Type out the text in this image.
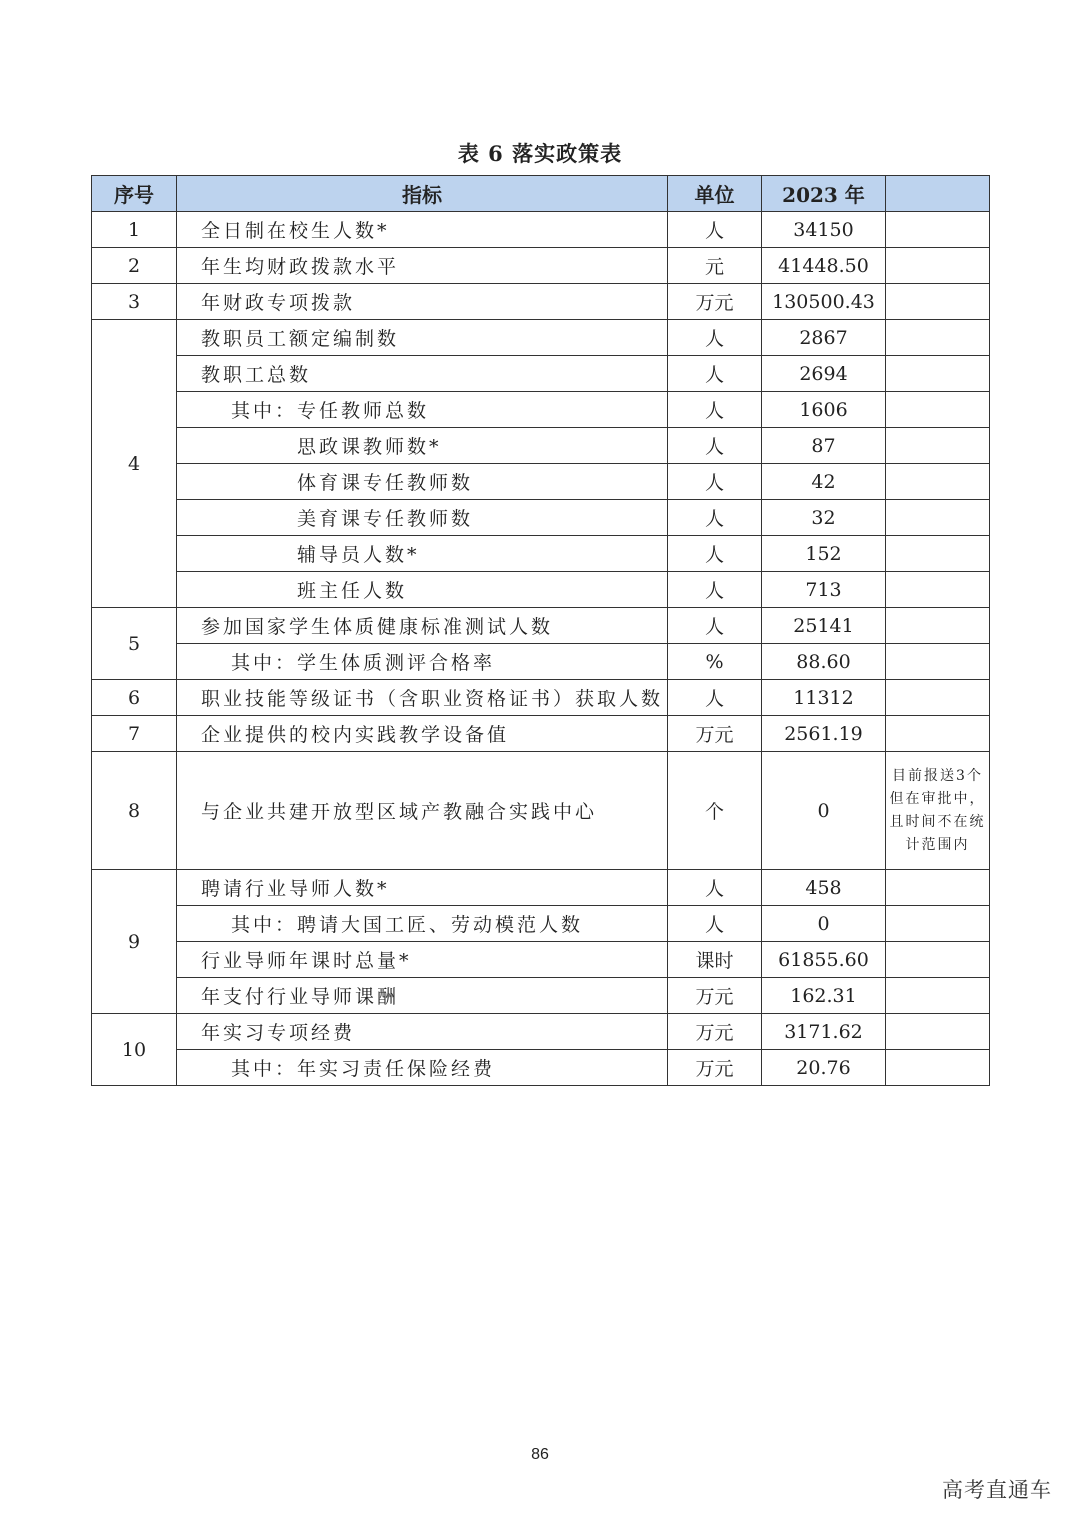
表 6 落实政策表
序号	指标	单位	2023 年	
1	全日制在校生人数*	人	34150	
2	年生均财政拨款水平	元	41448.50	
3	年财政专项拨款	万元	130500.43	
4	教职员工额定编制数	人	2867	
	教职工总数	人	2694	
	其中：专任教师总数	人	1606	
	思政课教师数*	人	87	
	体育课专任教师数	人	42	
	美育课专任教师数	人	32	
	辅导员人数*	人	152	
	班主任人数	人	713	
5	参加国家学生体质健康标准测试人数	人	25141	
	其中：学生体质测评合格率	%	88.60	
6	职业技能等级证书（含职业资格证书）获取人数	人	11312	
7	企业提供的校内实践教学设备值	万元	2561.19	
8	与企业共建开放型区域产教融合实践中心	个	0	目前报送3个但在审批中，且时间不在统计范围内
9	聘请行业导师人数*	人	458	
	其中：聘请大国工匠、劳动模范人数	人	0	
	行业导师年课时总量*	课时	61855.60	
	年支付行业导师课酬	万元	162.31	
10	年实习专项经费	万元	3171.62	
	其中：年实习责任保险经费	万元	20.76	
86
高考直通车
